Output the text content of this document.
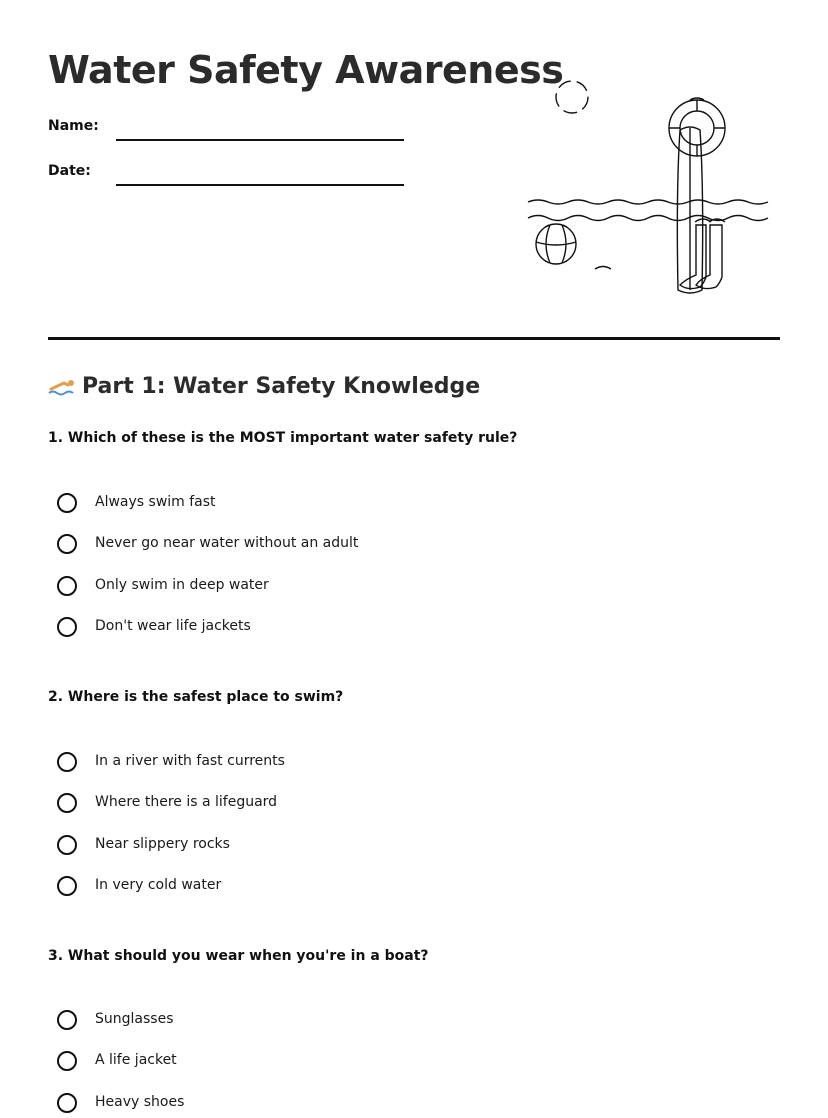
Water Safety Awareness
Name:
Date:
Part 1: Water Safety Knowledge

1. Which of these is the MOST important water safety rule?

Always swim fast
Never go near water without an adult
Only swim in deep water
Don't wear life jackets

2. Where is the safest place to swim?

In a river with fast currents
Where there is a lifeguard
Near slippery rocks
In very cold water

3. What should you wear when you're in a boat?

Sunglasses
A life jacket
Heavy shoes
